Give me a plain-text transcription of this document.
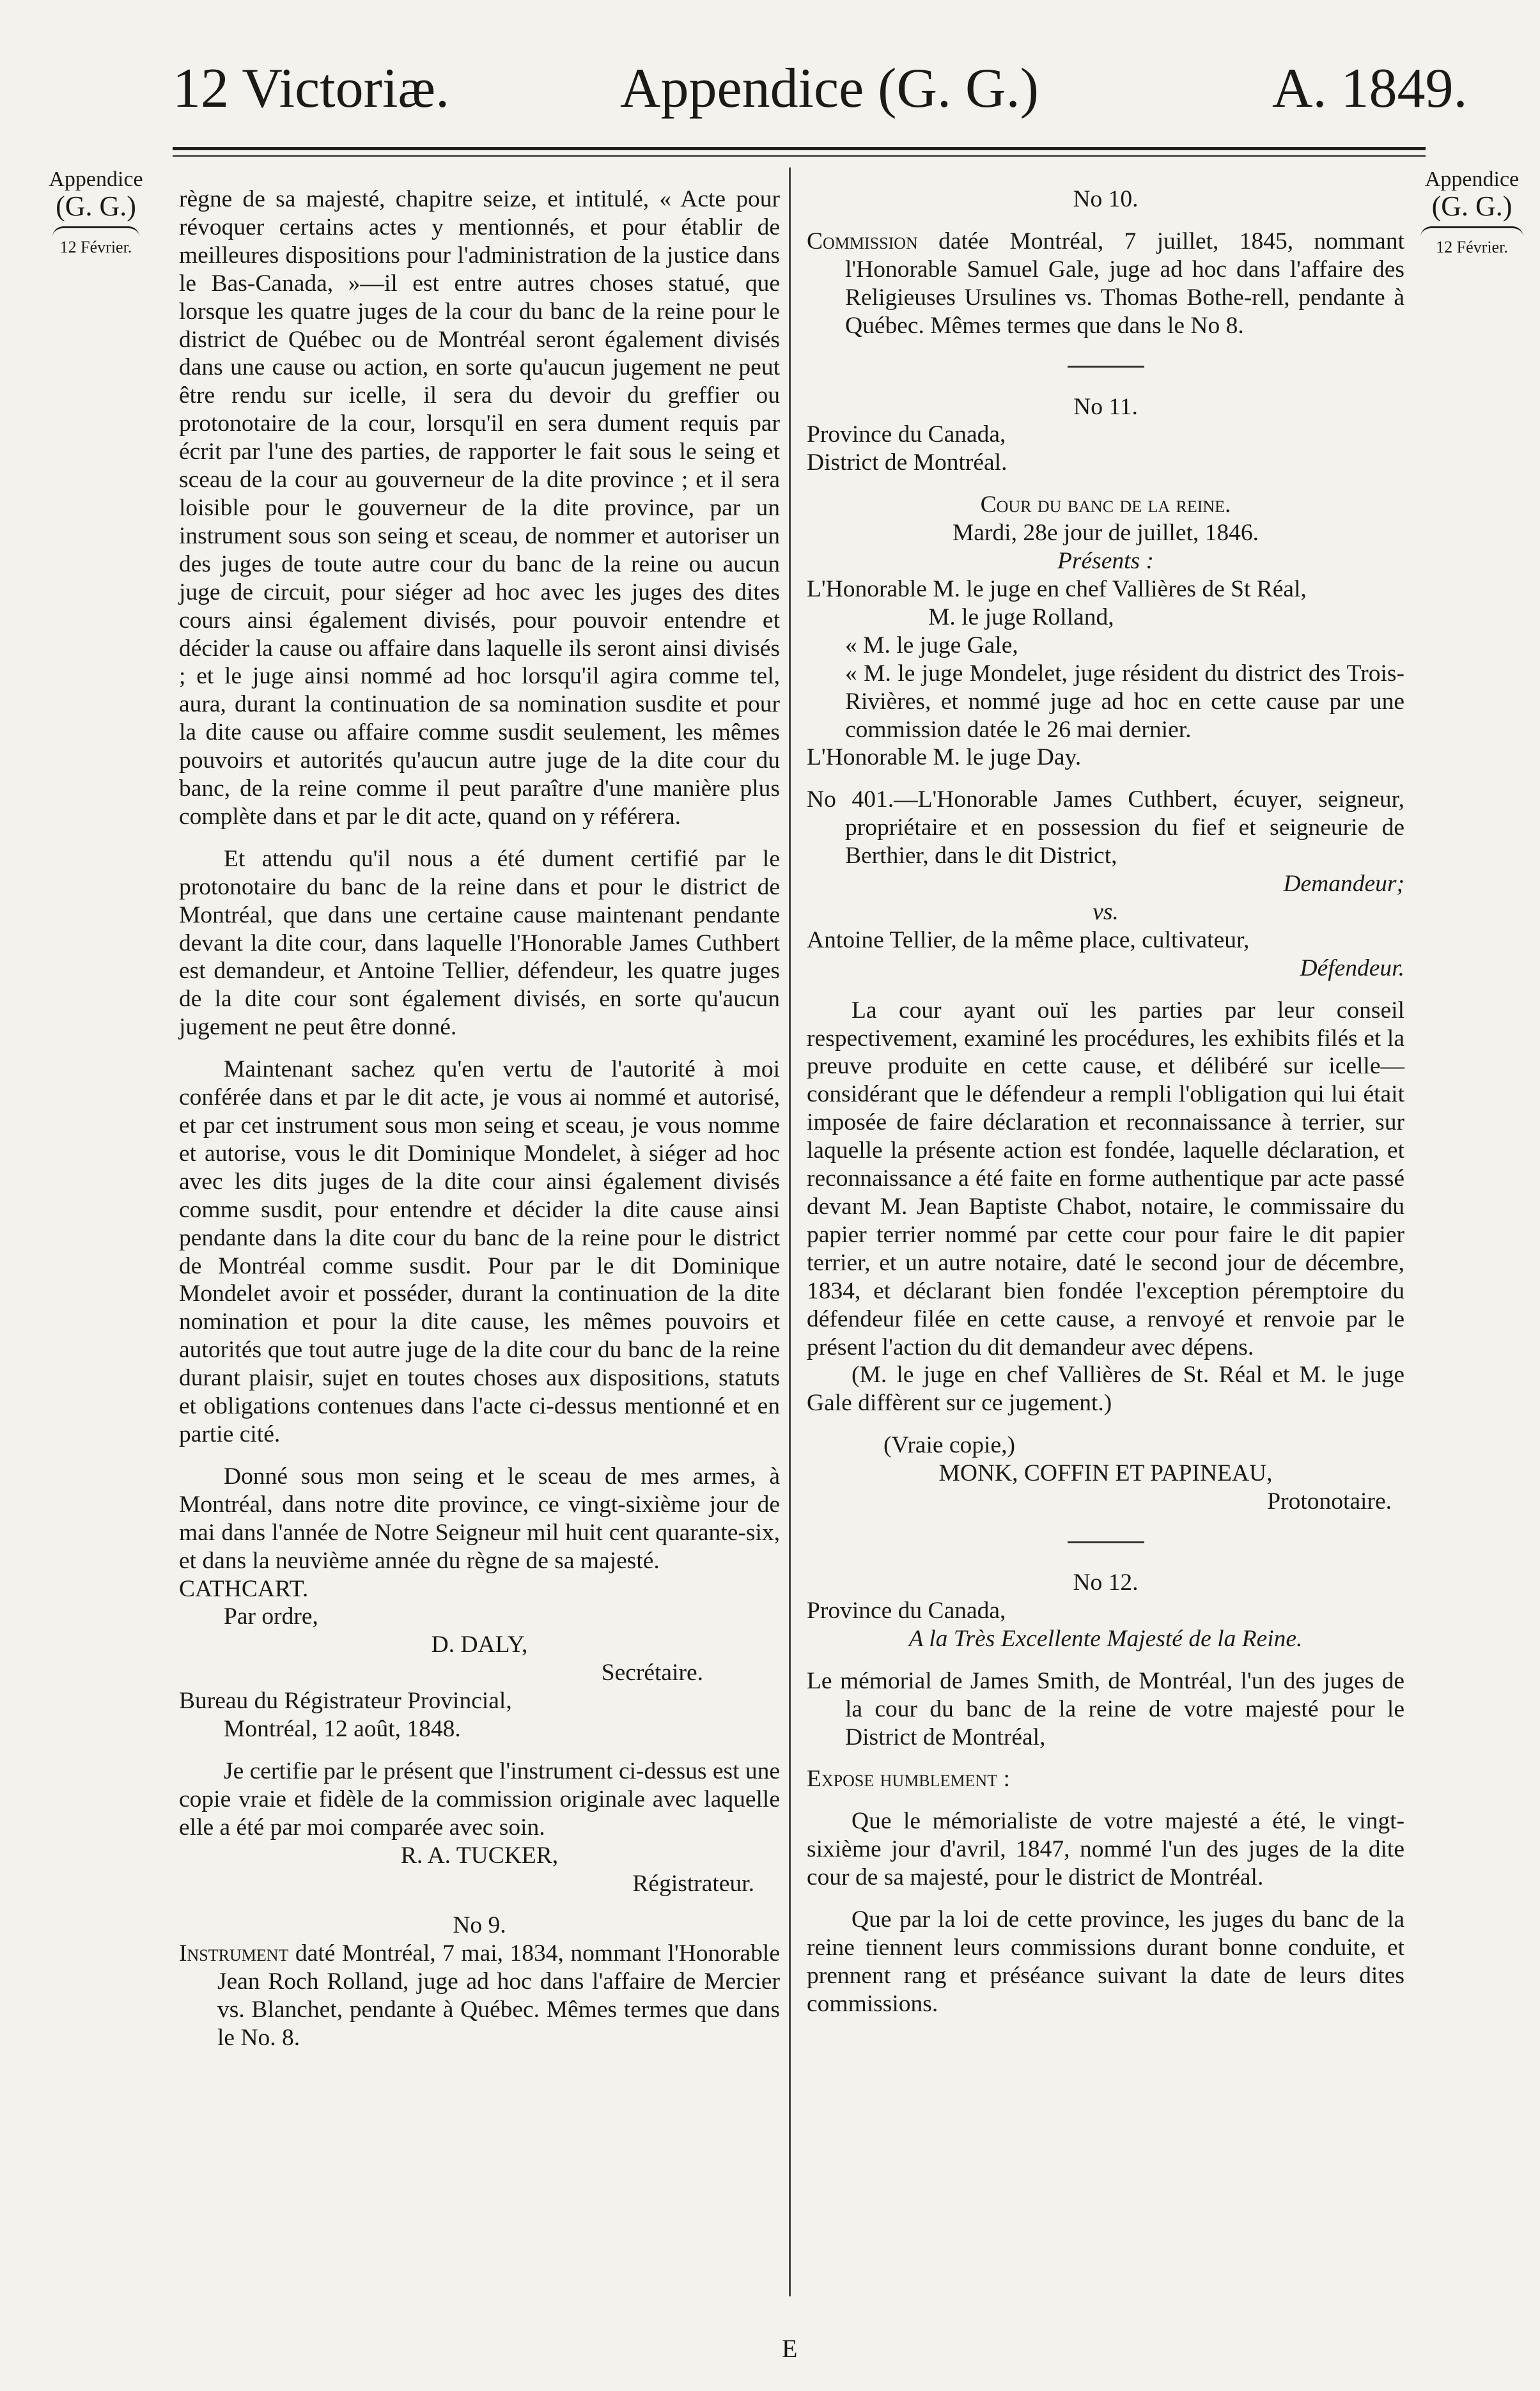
12 Victoriæ.	Appendice (G. G.)	A. 1849.
Appendice
(G. G.)
12 Février.
Appendice
(G. G.)
12 Février.

règne de sa majesté, chapitre seize, et intitulé, « Acte pour révoquer certains actes y mentionnés, et pour établir de meilleures dispositions pour l'administration de la justice dans le Bas-Canada, »—il est entre autres choses statué, que lorsque les quatre juges de la cour du banc de la reine pour le district de Québec ou de Montréal seront également divisés dans une cause ou action, en sorte qu'aucun jugement ne peut être rendu sur icelle, il sera du devoir du greffier ou protonotaire de la cour, lorsqu'il en sera dument requis par écrit par l'une des parties, de rapporter le fait sous le seing et sceau de la cour au gouverneur de la dite province ; et il sera loisible pour le gouverneur de la dite province, par un instrument sous son seing et sceau, de nommer et autoriser un des juges de toute autre cour du banc de la reine ou aucun juge de circuit, pour siéger ad hoc avec les juges des dites cours ainsi également divisés, pour pouvoir entendre et décider la cause ou affaire dans laquelle ils seront ainsi divisés ; et le juge ainsi nommé ad hoc lorsqu'il agira comme tel, aura, durant la continuation de sa nomination susdite et pour la dite cause ou affaire comme susdit seulement, les mêmes pouvoirs et autorités qu'aucun autre juge de la dite cour du banc, de la reine comme il peut paraître d'une manière plus complète dans et par le dit acte, quand on y référera.

Et attendu qu'il nous a été dument certifié par le protonotaire du banc de la reine dans et pour le district de Montréal, que dans une certaine cause maintenant pendante devant la dite cour, dans laquelle l'Honorable James Cuthbert est demandeur, et Antoine Tellier, défendeur, les quatre juges de la dite cour sont également divisés, en sorte qu'aucun jugement ne peut être donné.

Maintenant sachez qu'en vertu de l'autorité à moi conférée dans et par le dit acte, je vous ai nommé et autorisé, et par cet instrument sous mon seing et sceau, je vous nomme et autorise, vous le dit Dominique Mondelet, à siéger ad hoc avec les dits juges de la dite cour ainsi également divisés comme susdit, pour entendre et décider la dite cause ainsi pendante dans la dite cour du banc de la reine pour le district de Montréal comme susdit. Pour par le dit Dominique Mondelet avoir et posséder, durant la continuation de la dite nomination et pour la dite cause, les mêmes pouvoirs et autorités que tout autre juge de la dite cour du banc de la reine durant plaisir, sujet en toutes choses aux dispositions, statuts et obligations contenues dans l'acte ci-dessus mentionné et en partie cité.

Donné sous mon seing et le sceau de mes armes, à Montréal, dans notre dite province, ce vingt-sixième jour de mai dans l'année de Notre Seigneur mil huit cent quarante-six, et dans la neuvième année du règne de sa majesté.

CATHCART.

Par ordre,

D. DALY,

Secrétaire.

Bureau du Régistrateur Provincial,

Montréal, 12 août, 1848.

Je certifie par le présent que l'instrument ci-dessus est une copie vraie et fidèle de la commission originale avec laquelle elle a été par moi comparée avec soin.

R. A. TUCKER,

Régistrateur.

No 9.

Instrument daté Montréal, 7 mai, 1834, nommant l'Honorable Jean Roch Rolland, juge ad hoc dans l'affaire de Mercier vs. Blanchet, pendante à Québec. Mêmes termes que dans le No. 8.

No 10.

Commission datée Montréal, 7 juillet, 1845, nommant l'Honorable Samuel Gale, juge ad hoc dans l'affaire des Religieuses Ursulines vs. Thomas Bothe-rell, pendante à Québec. Mêmes termes que dans le No 8.

No 11.

Province du Canada,

District de Montréal.

Cour du banc de la reine.

Mardi, 28e jour de juillet, 1846.

Présents :

L'Honorable M. le juge en chef Vallières de St Réal,

M. le juge Rolland,

« M. le juge Gale,

« M. le juge Mondelet, juge résident du district des Trois-Rivières, et nommé juge ad hoc en cette cause par une commission datée le 26 mai dernier.

L'Honorable M. le juge Day.

No 401.—L'Honorable James Cuthbert, écuyer, seigneur, propriétaire et en possession du fief et seigneurie de Berthier, dans le dit District,

Demandeur;

vs.

Antoine Tellier, de la même place, cultivateur,

Défendeur.

La cour ayant ouï les parties par leur conseil respectivement, examiné les procédures, les exhibits filés et la preuve produite en cette cause, et délibéré sur icelle—considérant que le défendeur a rempli l'obligation qui lui était imposée de faire déclaration et reconnaissance à terrier, sur laquelle la présente action est fondée, laquelle déclaration, et reconnaissance a été faite en forme authentique par acte passé devant M. Jean Baptiste Chabot, notaire, le commissaire du papier terrier nommé par cette cour pour faire le dit papier terrier, et un autre notaire, daté le second jour de décembre, 1834, et déclarant bien fondée l'exception péremptoire du défendeur filée en cette cause, a renvoyé et renvoie par le présent l'action du dit demandeur avec dépens.

(M. le juge en chef Vallières de St. Réal et M. le juge Gale diffèrent sur ce jugement.)

(Vraie copie,)

MONK, COFFIN ET PAPINEAU,

Protonotaire.

No 12.

Province du Canada,

A la Très Excellente Majesté de la Reine.

Le mémorial de James Smith, de Montréal, l'un des juges de la cour du banc de la reine de votre majesté pour le District de Montréal,

Expose humblement :

Que le mémorialiste de votre majesté a été, le vingt-sixième jour d'avril, 1847, nommé l'un des juges de la dite cour de sa majesté, pour le district de Montréal.

Que par la loi de cette province, les juges du banc de la reine tiennent leurs commissions durant bonne conduite, et prennent rang et préséance suivant la date de leurs dites commissions.

E
